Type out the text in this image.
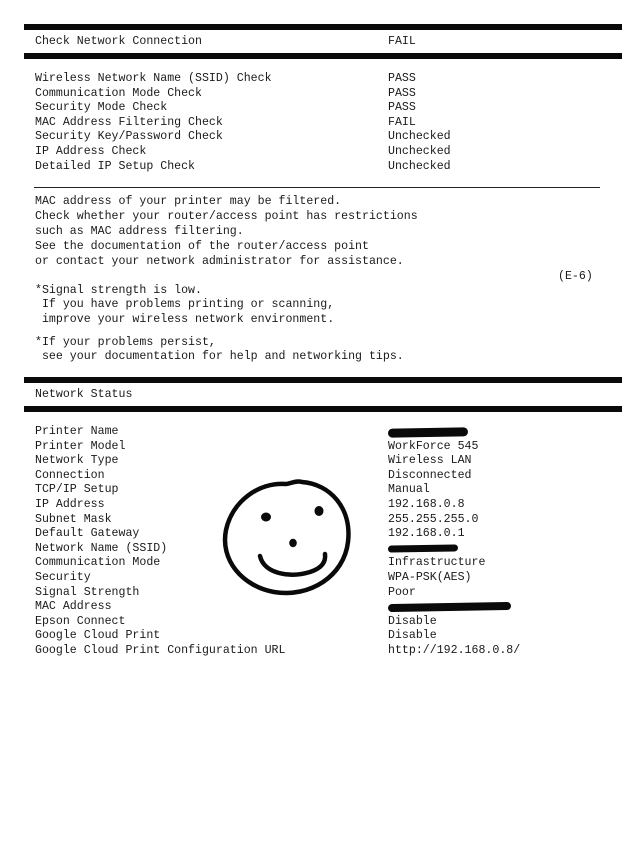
Check Network Connection	FAIL
Wireless Network Name (SSID) Check	PASS
Communication Mode Check	PASS
Security Mode Check	PASS
MAC Address Filtering Check	FAIL
Security Key/Password Check	Unchecked
IP Address Check	Unchecked
Detailed IP Setup Check	Unchecked
MAC address of your printer may be filtered.
Check whether your router/access point has restrictions
such as MAC address filtering.
See the documentation of the router/access point
or contact your network administrator for assistance.
(E-6)
*Signal strength is low.
If you have problems printing or scanning,
improve your wireless network environment.
*If your problems persist,
see your documentation for help and networking tips.
Network Status
Printer Name
Printer Model	WorkForce 545
Network Type	Wireless LAN
Connection	Disconnected
TCP/IP Setup	Manual
IP Address	192.168.0.8
Subnet Mask	255.255.255.0
Default Gateway	192.168.0.1
Network Name (SSID)
Communication Mode	Infrastructure
Security	WPA-PSK(AES)
Signal Strength	Poor
MAC Address
Epson Connect	Disable
Google Cloud Print	Disable
Google Cloud Print Configuration URL	http://192.168.0.8/
